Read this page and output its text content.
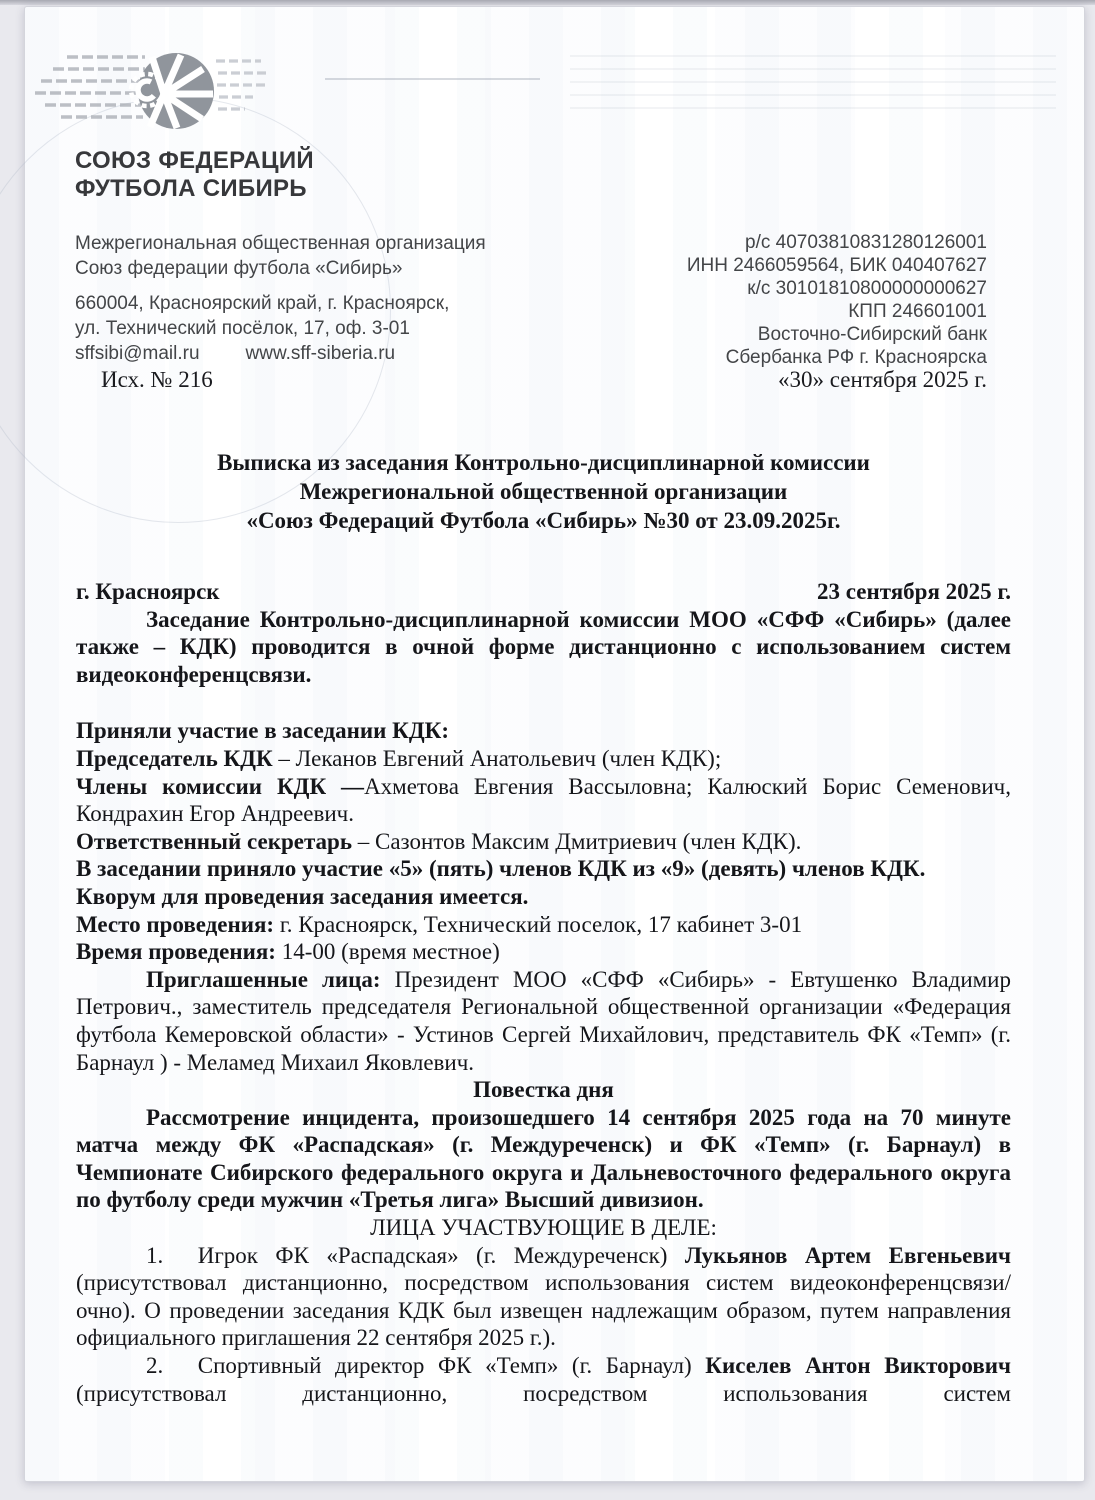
СОЮЗ ФЕДЕРАЦИЙ
ФУТБОЛА СИБИРЬ
Межрегиональная общественная организация
Союз федерации футбола «Сибирь»
660004, Красноярский край, г. Красноярск,
ул. Технический посёлок, 17, оф. 3-01
sffsibi@mail.ru www.sff-siberia.ru
р/с 40703810831280126001
ИНН 2466059564, БИК 040407627
к/с 30101810800000000627
КПП 246601001
Восточно-Сибирский банк
Сбербанка РФ г. Красноярска
Исх. № 216	«30» сентября 2025 г.

Выписка из заседания Контрольно-дисциплинарной комиссии

Межрегиональной общественной организации

«Союз Федераций Футбола «Сибирь» №30 от 23.09.2025г.

г. Красноярск	23 сентября 2025 г.

Заседание Контрольно-дисциплинарной комиссии МОО «СФФ «Сибирь» (далее также – КДК) проводится в очной форме дистанционно с использованием систем видеоконференцсвязи.

Приняли участие в заседании КДК:

Председатель КДК – Леканов Евгений Анатольевич (член КДК);

Члены комиссии КДК —Ахметова Евгения Вассыловна; Калюский Борис Семенович,

Кондрахин Егор Андреевич.

Ответственный секретарь – Сазонтов Максим Дмитриевич (член КДК).

В заседании приняло участие «5» (пять) членов КДК из «9» (девять) членов КДК.

Кворум для проведения заседания имеется.

Место проведения: г. Красноярск, Технический поселок, 17 кабинет 3-01

Время проведения: 14-00 (время местное)

Приглашенные лица: Президент МОО «СФФ «Сибирь» - Евтушенко Владимир Петрович., заместитель председателя Региональной общественной организации «Федерация футбола Кемеровской области» - Устинов Сергей Михайлович, представитель ФК «Темп» (г. Барнаул ) - Меламед Михаил Яковлевич.

Повестка дня

Рассмотрение инцидента, произошедшего 14 сентября 2025 года на 70 минуте матча между ФК «Распадская» (г. Междуреченск) и ФК «Темп» (г. Барнаул) в Чемпионате Сибирского федерального округа и Дальневосточного федерального округа по футболу среди мужчин «Третья лига» Высший дивизион.

ЛИЦА УЧАСТВУЮЩИЕ В ДЕЛЕ:

1.  Игрок ФК «Распадская» (г. Междуреченск) Лукьянов Артем Евгеньевич (присутствовал дистанционно, посредством использования систем видеоконференцсвязи/очно). О проведении заседания КДК был извещен надлежащим образом, путем направления официального приглашения 22 сентября 2025 г.).

2.  Спортивный директор ФК «Темп» (г. Барнаул) Киселев Антон Викторович (присутствовал дистанционно, посредством использования систем
